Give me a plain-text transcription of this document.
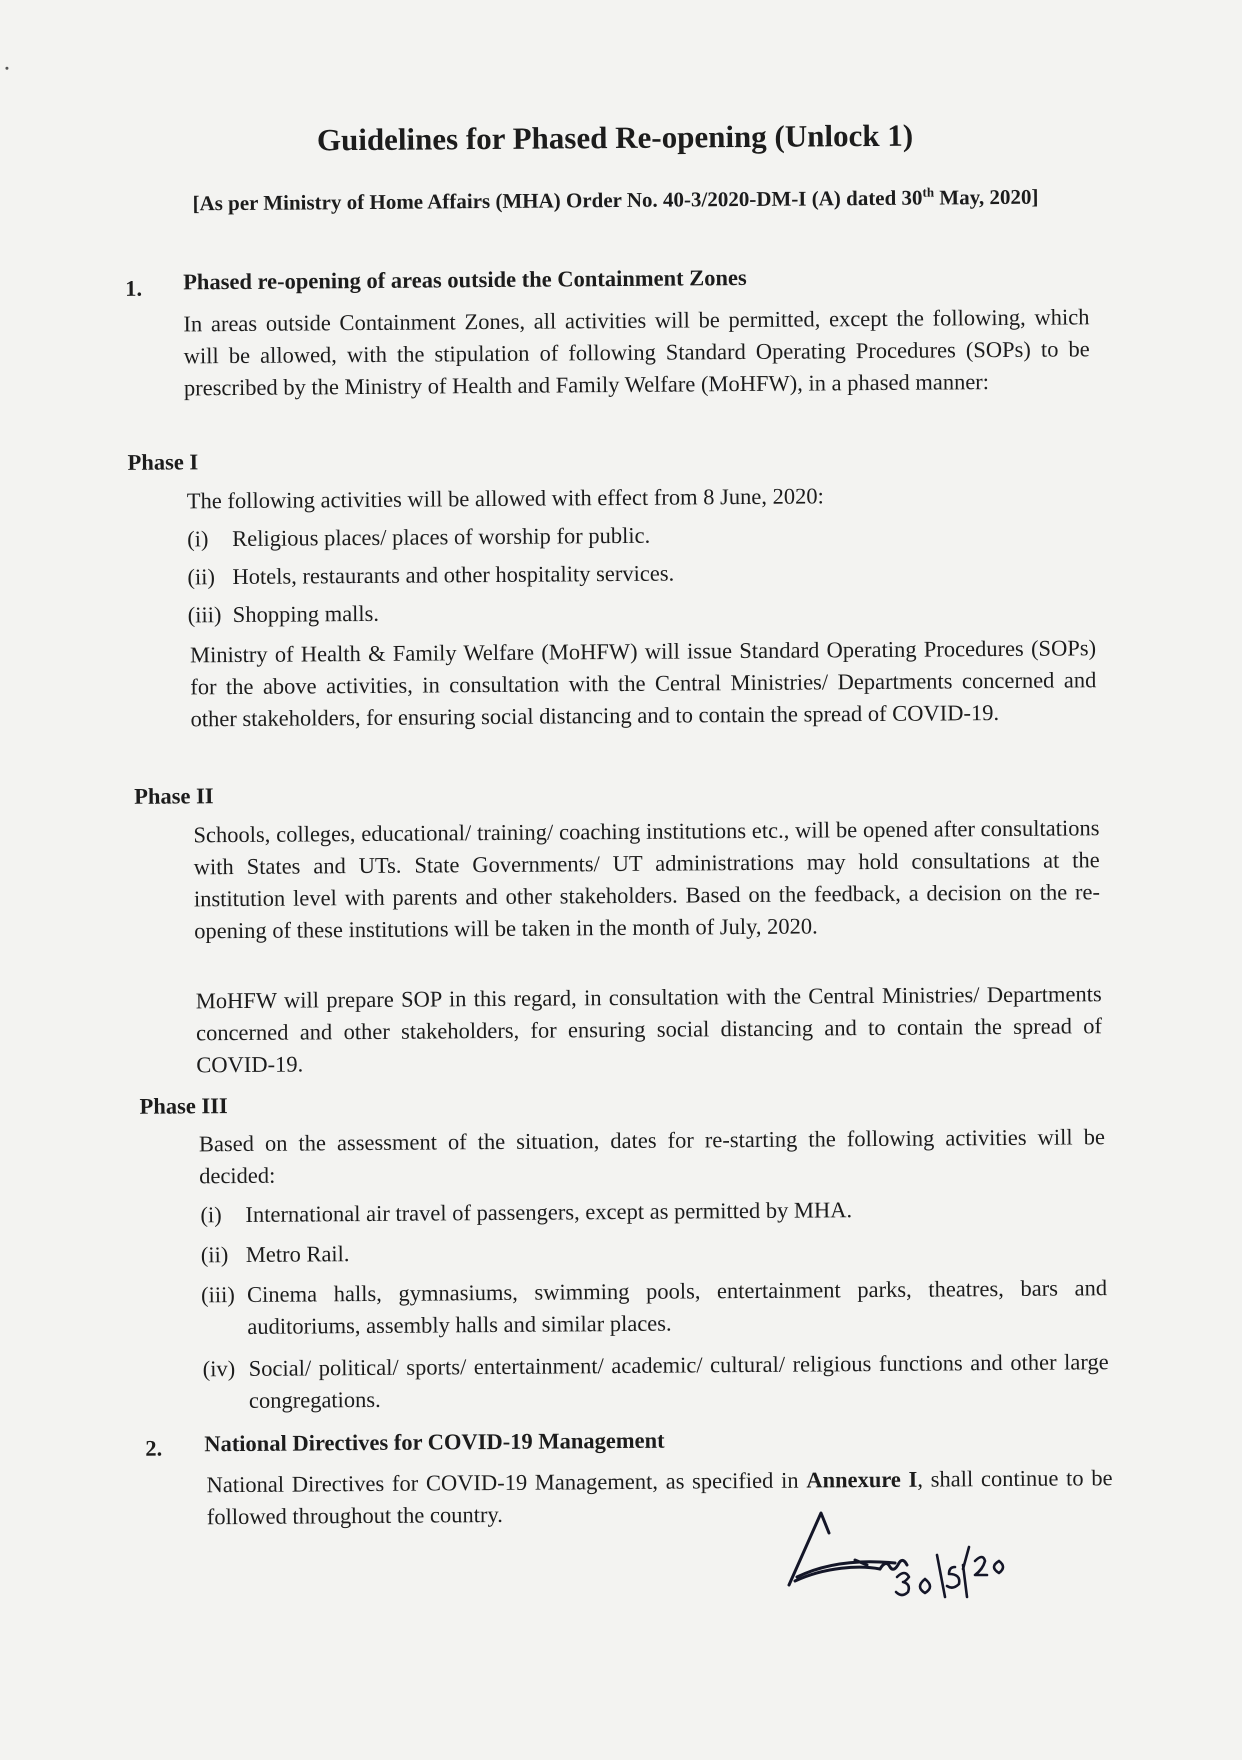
Guidelines for Phased Re-opening (Unlock 1)

[As per Ministry of Home Affairs (MHA) Order No. 40-3/2020-DM-I (A) dated 30th May, 2020]

1. Phased re-opening of areas outside the Containment Zones

In areas outside Containment Zones, all activities will be permitted, except the following, which will be allowed, with the stipulation of following Standard Operating Procedures (SOPs) to be prescribed by the Ministry of Health and Family Welfare (MoHFW), in a phased manner:

Phase I

The following activities will be allowed with effect from 8 June, 2020:

(i)	Religious places/ places of worship for public.
(ii) Hotels, restaurants and other hospitality services.
(iii) Shopping malls.

Ministry of Health & Family Welfare (MoHFW) will issue Standard Operating Procedures (SOPs) for the above activities, in consultation with the Central Ministries/ Departments concerned and other stakeholders, for ensuring social distancing and to contain the spread of COVID-19.

Phase II

Schools, colleges, educational/ training/ coaching institutions etc., will be opened after consultations with States and UTs. State Governments/ UT administrations may hold consultations at the institution level with parents and other stakeholders. Based on the feedback, a decision on the re-opening of these institutions will be taken in the month of July, 2020.

MoHFW will prepare SOP in this regard, in consultation with the Central Ministries/ Departments concerned and other stakeholders, for ensuring social distancing and to contain the spread of COVID-19.

Phase III

Based on the assessment of the situation, dates for re-starting the following activities will be decided:

(i)	International air travel of passengers, except as permitted by MHA.
(ii) Metro Rail.
(iii) Cinema halls, gymnasiums, swimming pools, entertainment parks, theatres, bars and auditoriums, assembly halls and similar places.
(iv) Social/ political/ sports/ entertainment/ academic/ cultural/ religious functions and other large congregations.
2. National Directives for COVID-19 Management

National Directives for COVID-19 Management, as specified in Annexure I, shall continue to be followed throughout the country.
